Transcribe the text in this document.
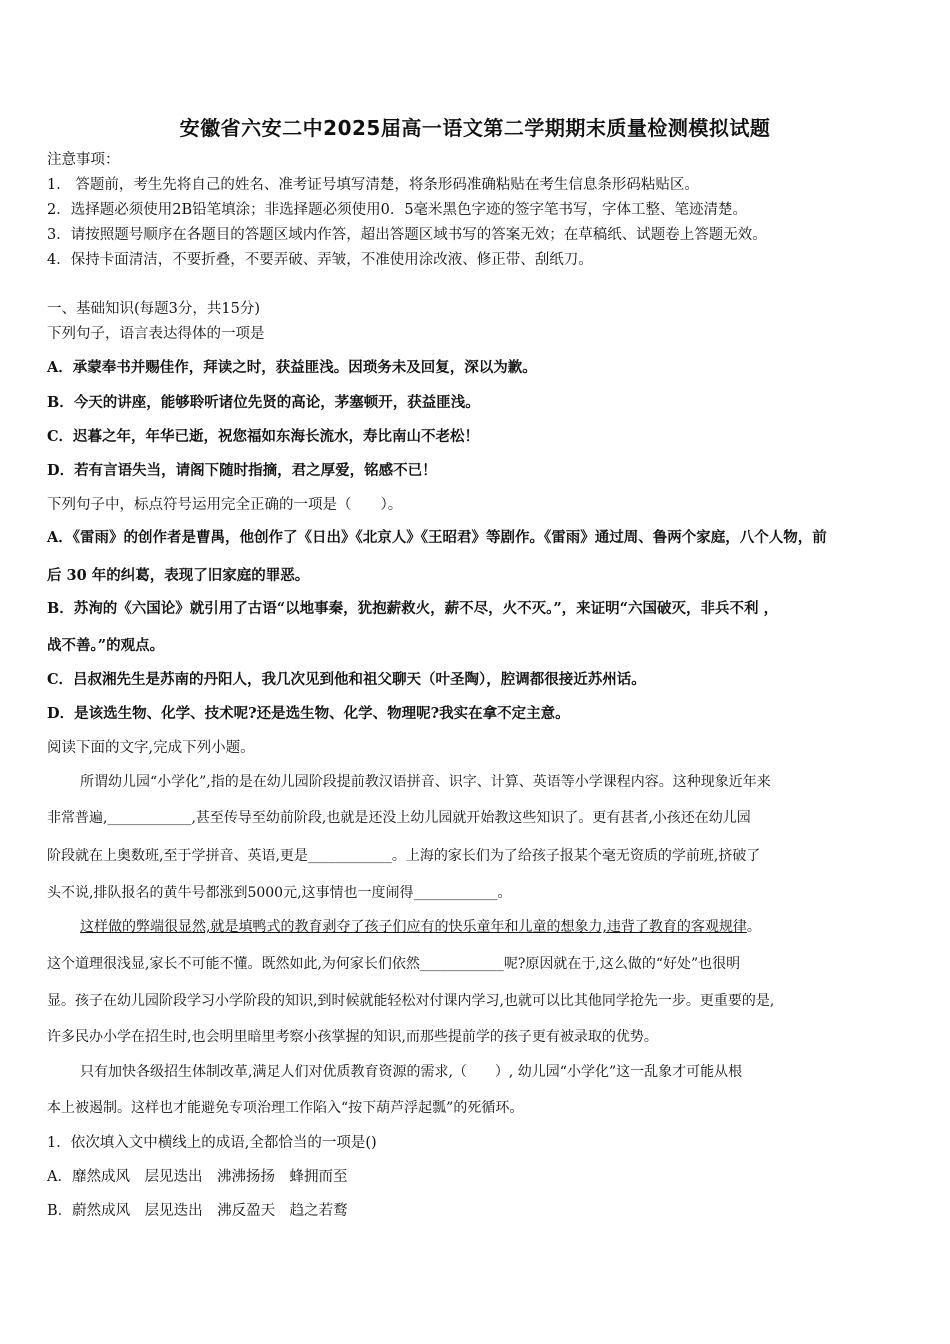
安徽省六安二中2025届高一语文第二学期期末质量检测模拟试题
注意事项：
1． 答题前，考生先将自己的姓名、准考证号填写清楚，将条形码准确粘贴在考生信息条形码粘贴区。
2．选择题必须使用2B铅笔填涂；非选择题必须使用0．5毫米黑色字迹的签字笔书写，字体工整、笔迹清楚。
3．请按照题号顺序在各题目的答题区域内作答，超出答题区域书写的答案无效；在草稿纸、试题卷上答题无效。
4．保持卡面清洁，不要折叠，不要弄破、弄皱，不准使用涂改液、修正带、刮纸刀。
一、基础知识(每题3分，共15分)
下列句子，语言表达得体的一项是
A．承蒙奉书并赐佳作，拜读之时，获益匪浅。因琐务未及回复，深以为歉。
B．今天的讲座，能够聆听诸位先贤的高论，茅塞顿开，获益匪浅。
C．迟暮之年，年华已逝，祝您福如东海长流水，寿比南山不老松！
D．若有言语失当，请阁下随时指摘，君之厚爱，铭感不已！
下列句子中，标点符号运用完全正确的一项是（　　）。
A．《雷雨》的创作者是曹禺，他创作了《日出》《北京人》《王昭君》等剧作。《雷雨》通过周、鲁两个家庭，八个人物，前
后 30 年的纠葛，表现了旧家庭的罪恶。
B．苏洵的《六国论》就引用了古语“以地事秦，犹抱薪救火，薪不尽，火不灭。”，来证明“六国破灭，非兵不利 ，
战不善。”的观点。
C．吕叔湘先生是苏南的丹阳人，我几次见到他和祖父聊天（叶圣陶），腔调都很接近苏州话。
D．是该选生物、化学、技术呢?还是选生物、化学、物理呢?我实在拿不定主意。
阅读下面的文字,完成下列小题。
所谓幼儿园“小学化”,指的是在幼儿园阶段提前教汉语拼音、识字、计算、英语等小学课程内容。这种现象近年来
非常普遍,____________,甚至传导至幼前阶段,也就是还没上幼儿园就开始教这些知识了。更有甚者,小孩还在幼儿园
阶段就在上奥数班,至于学拼音、英语,更是____________。上海的家长们为了给孩子报某个毫无资质的学前班,挤破了
头不说,排队报名的黄牛号都涨到5000元,这事情也一度闹得____________。
这样做的弊端很显然,就是填鸭式的教育剥夺了孩子们应有的快乐童年和儿童的想象力,违背了教育的客观规律。
这个道理很浅显,家长不可能不懂。既然如此,为何家长们依然____________呢?原因就在于,这么做的“好处”也很明
显。孩子在幼儿园阶段学习小学阶段的知识,到时候就能轻松对付课内学习,也就可以比其他同学抢先一步。更重要的是,
许多民办小学在招生时,也会明里暗里考察小孩掌握的知识,而那些提前学的孩子更有被录取的优势。
只有加快各级招生体制改革,满足人们对优质教育资源的需求,（　　）, 幼儿园“小学化”这一乱象才可能从根
本上被遏制。这样也才能避免专项治理工作陷入“按下葫芦浮起瓢”的死循环。
1．依次填入文中横线上的成语,全都恰当的一项是()
A．靡然成风　层见迭出　沸沸扬扬　蜂拥而至
B．蔚然成风　层见迭出　沸反盈天　趋之若鹜
